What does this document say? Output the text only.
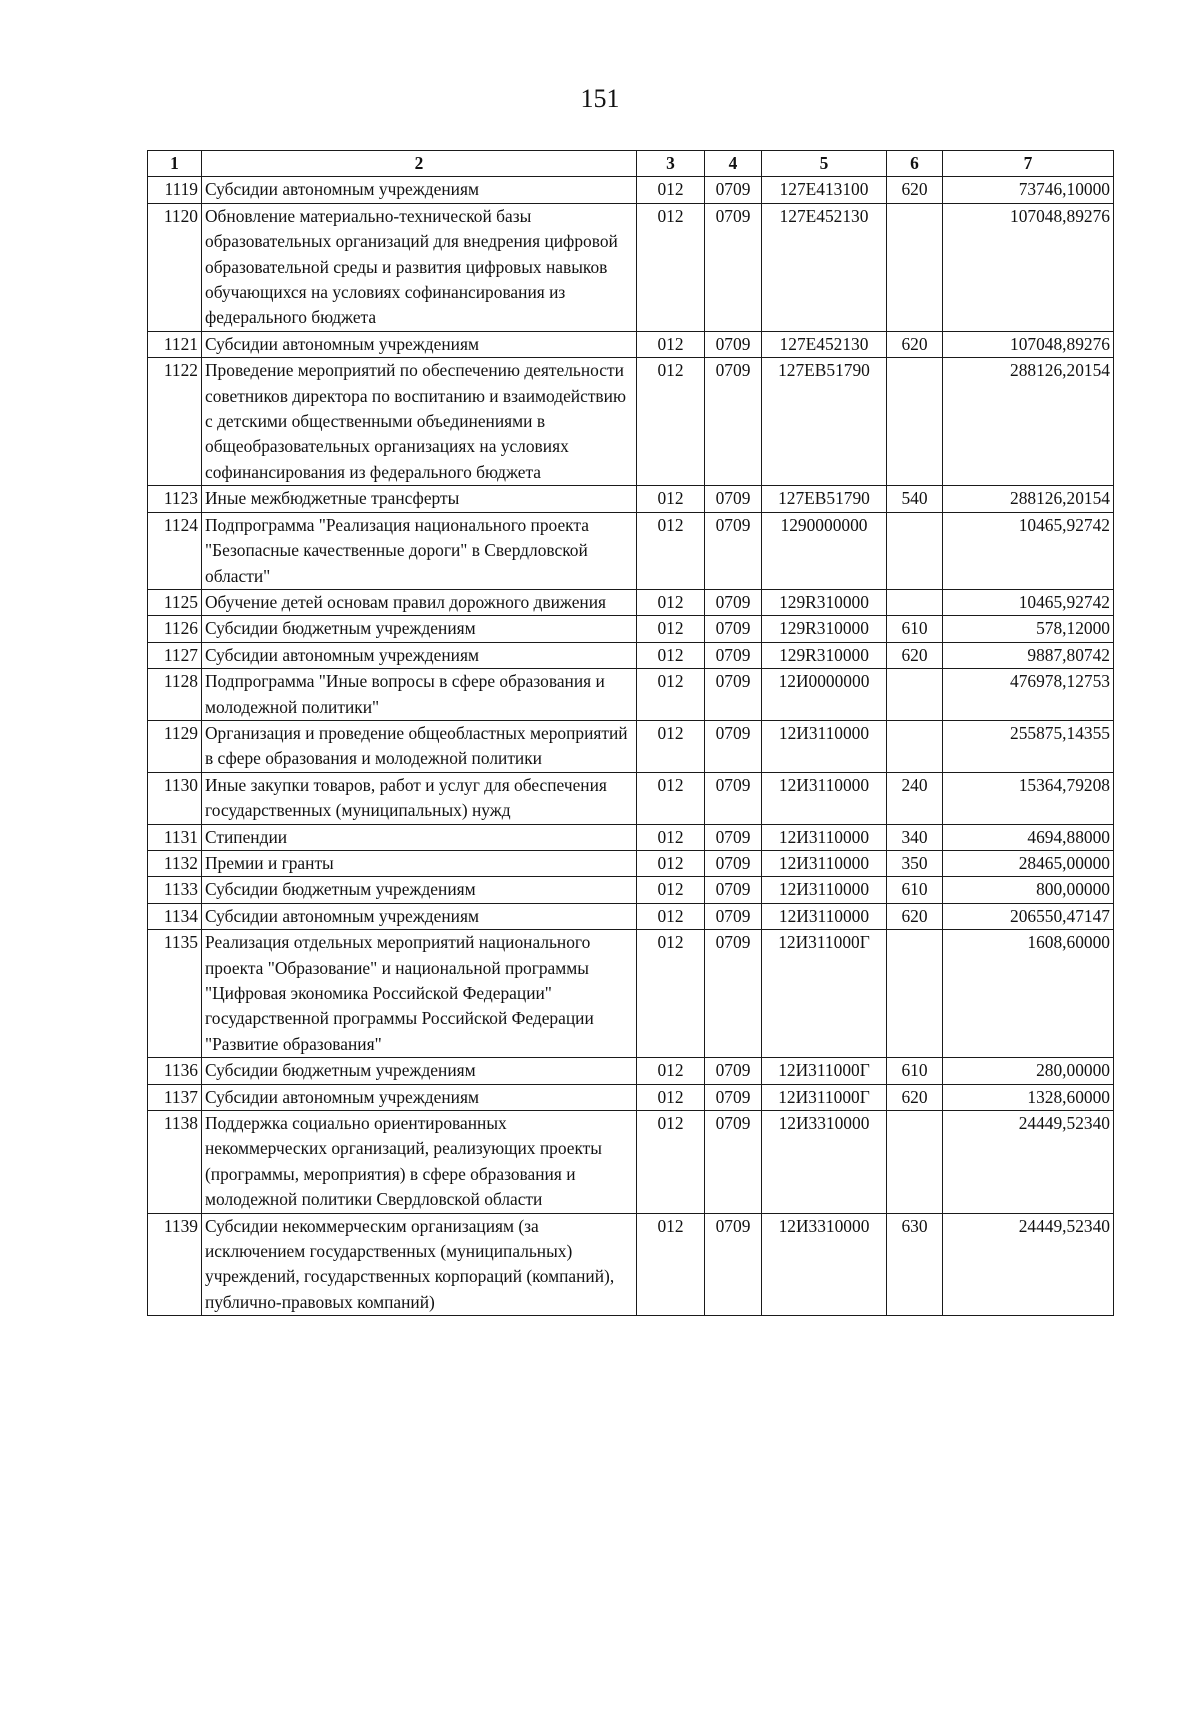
151
1	2	3	4	5	6	7
1119	Субсидии автономным учреждениям	012	0709	127E413100	620	73746,10000
1120	Обновление материально-технической базы образовательных организаций для внедрения цифровой образовательной среды и развития цифровых навыков обучающихся на условиях софинансирования из федерального бюджета	012	0709	127E452130		107048,89276
1121	Субсидии автономным учреждениям	012	0709	127E452130	620	107048,89276
1122	Проведение мероприятий по обеспечению деятельности советников директора по воспитанию и взаимодействию с детскими общественными объединениями в общеобразовательных организациях на условиях софинансирования из федерального бюджета	012	0709	127EB51790		288126,20154
1123	Иные межбюджетные трансферты	012	0709	127EB51790	540	288126,20154
1124	Подпрограмма "Реализация национального проекта "Безопасные качественные дороги" в Свердловской области"	012	0709	1290000000		10465,92742
1125	Обучение детей основам правил дорожного движения	012	0709	129R310000		10465,92742
1126	Субсидии бюджетным учреждениям	012	0709	129R310000	610	578,12000
1127	Субсидии автономным учреждениям	012	0709	129R310000	620	9887,80742
1128	Подпрограмма "Иные вопросы в сфере образования и молодежной политики"	012	0709	12И0000000		476978,12753
1129	Организация и проведение общеобластных мероприятий в сфере образования и молодежной политики	012	0709	12И3110000		255875,14355
1130	Иные закупки товаров, работ и услуг для обеспечения государственных (муниципальных) нужд	012	0709	12И3110000	240	15364,79208
1131	Стипендии	012	0709	12И3110000	340	4694,88000
1132	Премии и гранты	012	0709	12И3110000	350	28465,00000
1133	Субсидии бюджетным учреждениям	012	0709	12И3110000	610	800,00000
1134	Субсидии автономным учреждениям	012	0709	12И3110000	620	206550,47147
1135	Реализация отдельных мероприятий национального проекта "Образование" и национальной программы "Цифровая экономика Российской Федерации" государственной программы Российской Федерации "Развитие образования"	012	0709	12И311000Г		1608,60000
1136	Субсидии бюджетным учреждениям	012	0709	12И311000Г	610	280,00000
1137	Субсидии автономным учреждениям	012	0709	12И311000Г	620	1328,60000
1138	Поддержка социально ориентированных некоммерческих организаций, реализующих проекты (программы, мероприятия) в сфере образования и молодежной политики Свердловской области	012	0709	12И3310000		24449,52340
1139	Субсидии некоммерческим организациям (за исключением государственных (муниципальных) учреждений, государственных корпораций (компаний), публично-правовых компаний)	012	0709	12И3310000	630	24449,52340
